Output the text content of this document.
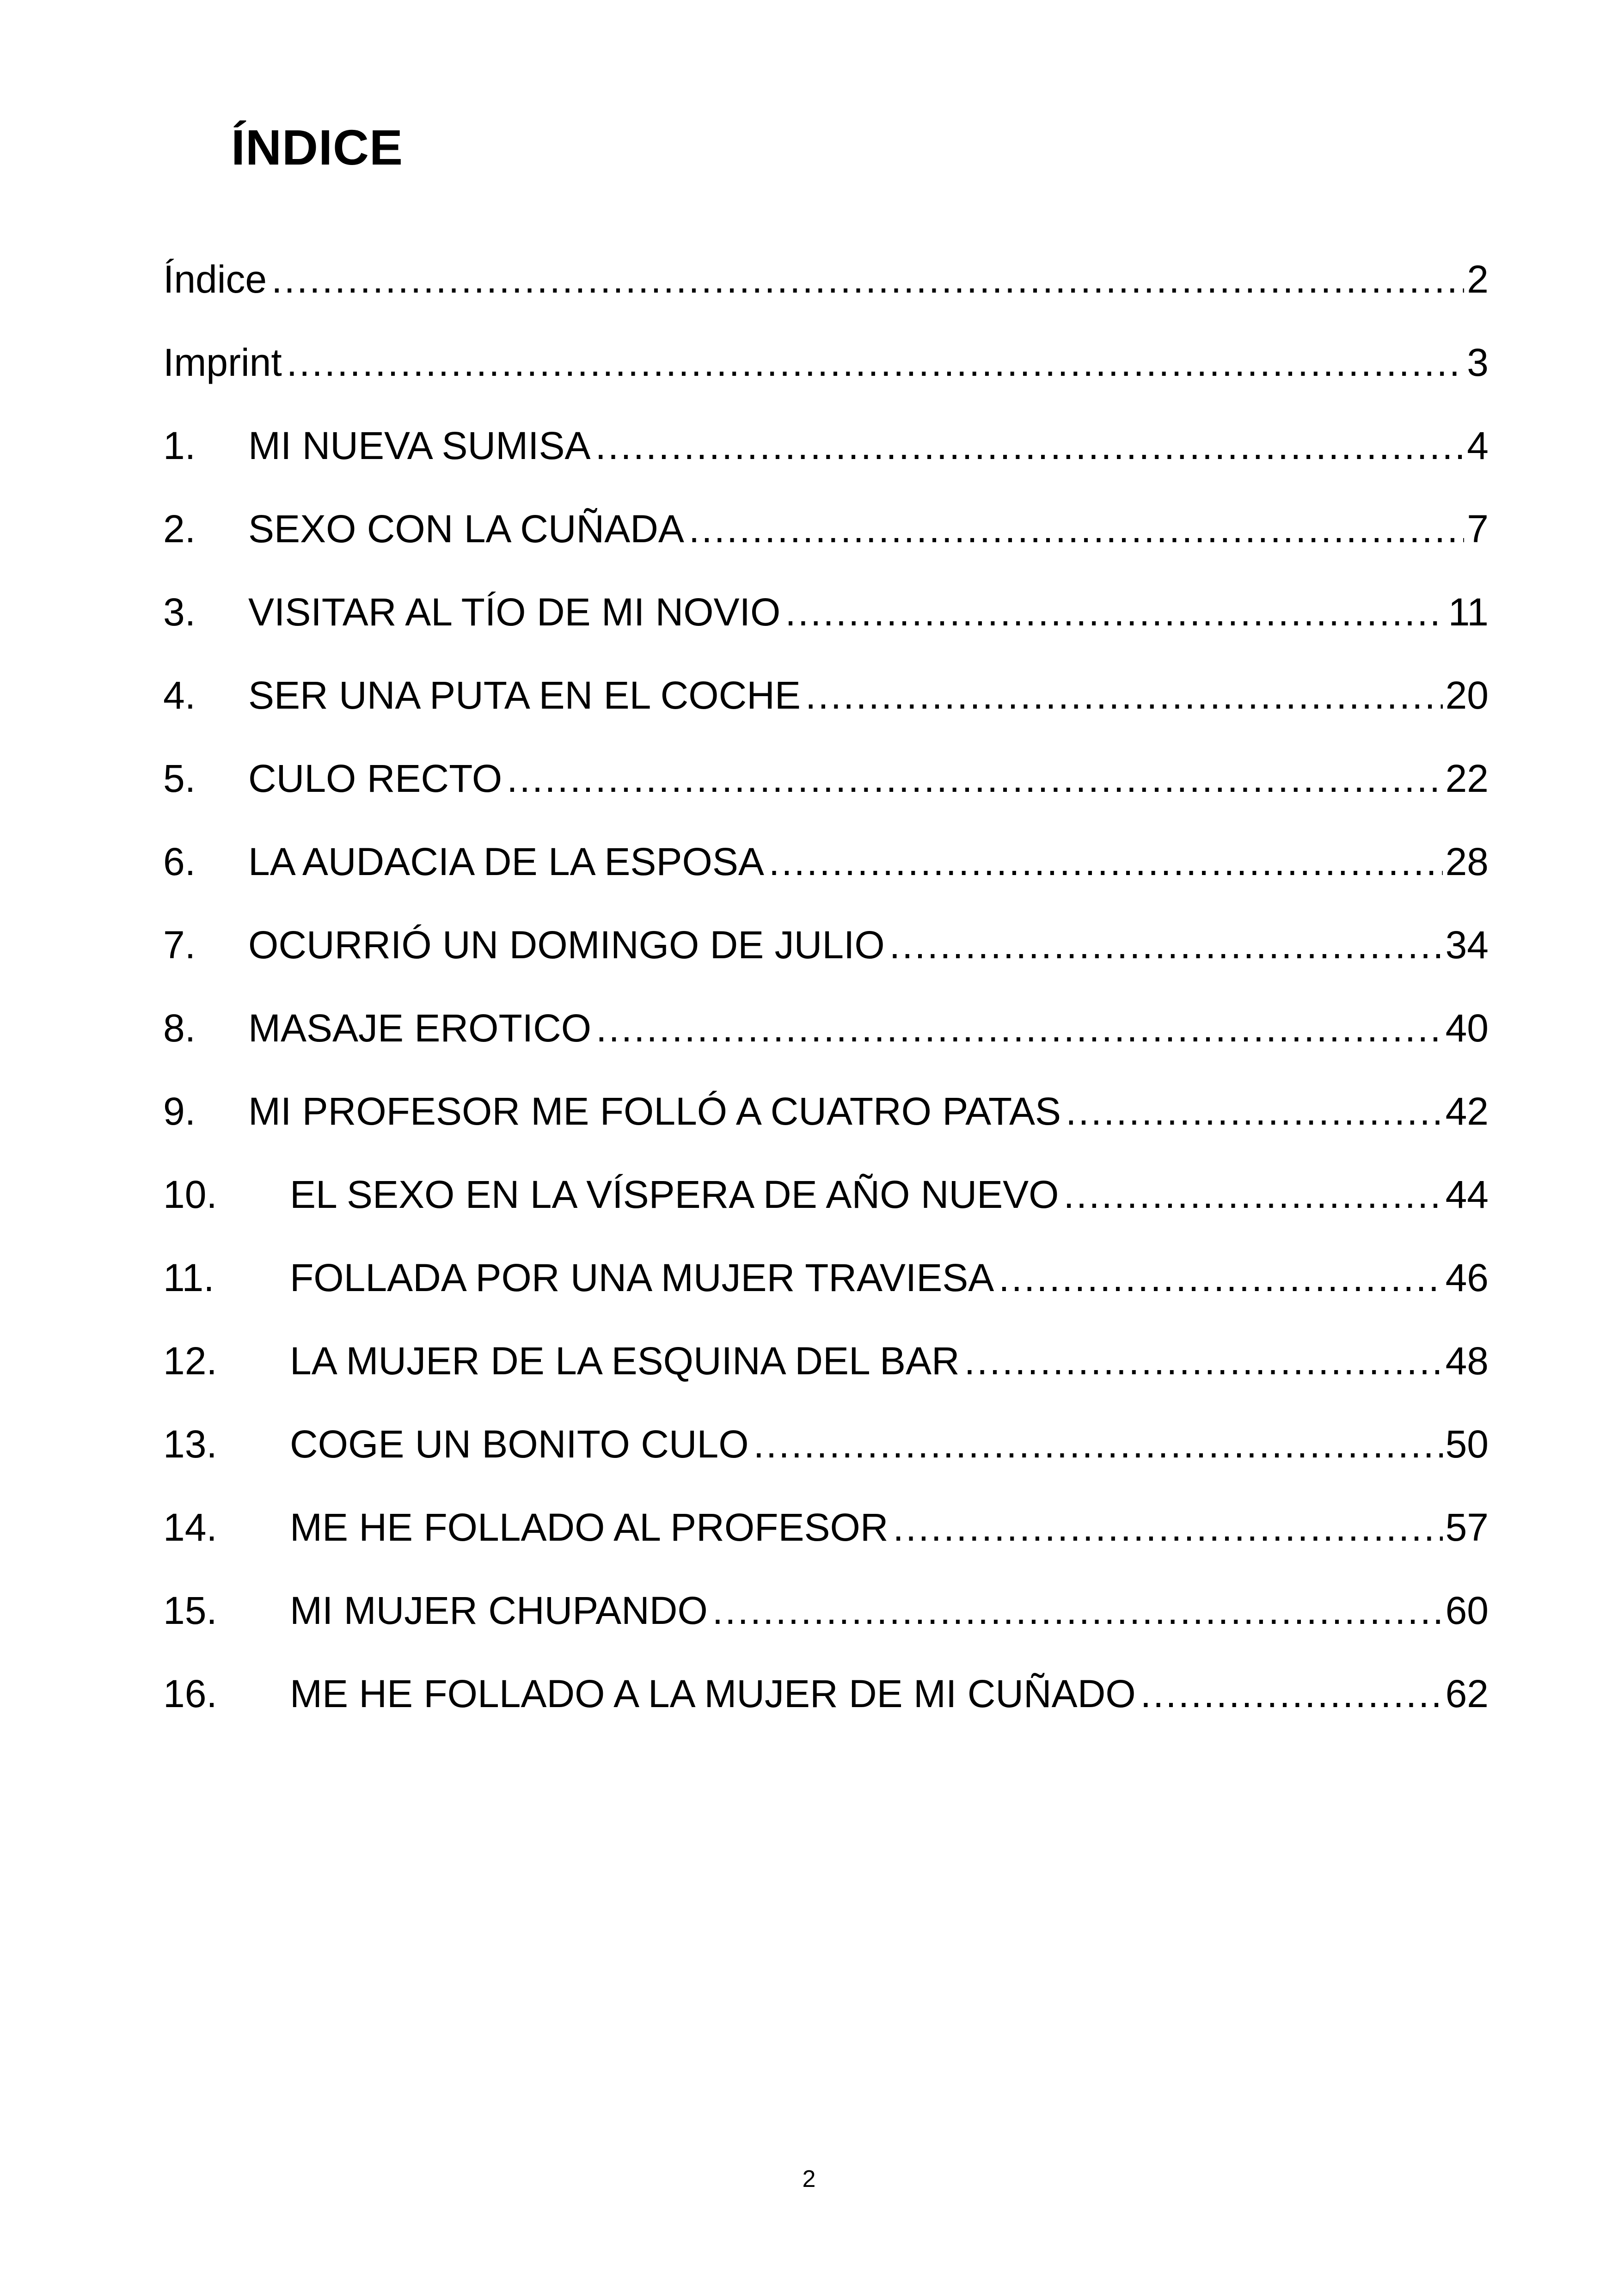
ÍNDICE
Índice .....	2
Imprint .....	3
1.	MI NUEVA SUMISA .....	4
2.	SEXO CON LA CUÑADA .....	7
3.	VISITAR AL TÍO DE MI NOVIO .....	11
4.	SER UNA PUTA EN EL COCHE .....	20
5.	CULO RECTO .....	22
6.	LA AUDACIA DE LA ESPOSA .....	28
7.	OCURRIÓ UN DOMINGO DE JULIO .....	34
8.	MASAJE EROTICO .....	40
9.	MI PROFESOR ME FOLLÓ A CUATRO PATAS .....	42
10.	EL SEXO EN LA VÍSPERA DE AÑO NUEVO .....	44
11.	FOLLADA POR UNA MUJER TRAVIESA .....	46
12.	LA MUJER DE LA ESQUINA DEL BAR .....	48
13.	COGE UN BONITO CULO .....	50
14.	ME HE FOLLADO AL PROFESOR .....	57
15.	MI MUJER CHUPANDO .....	60
16.	ME HE FOLLADO A LA MUJER DE MI CUÑADO .....	62
2
